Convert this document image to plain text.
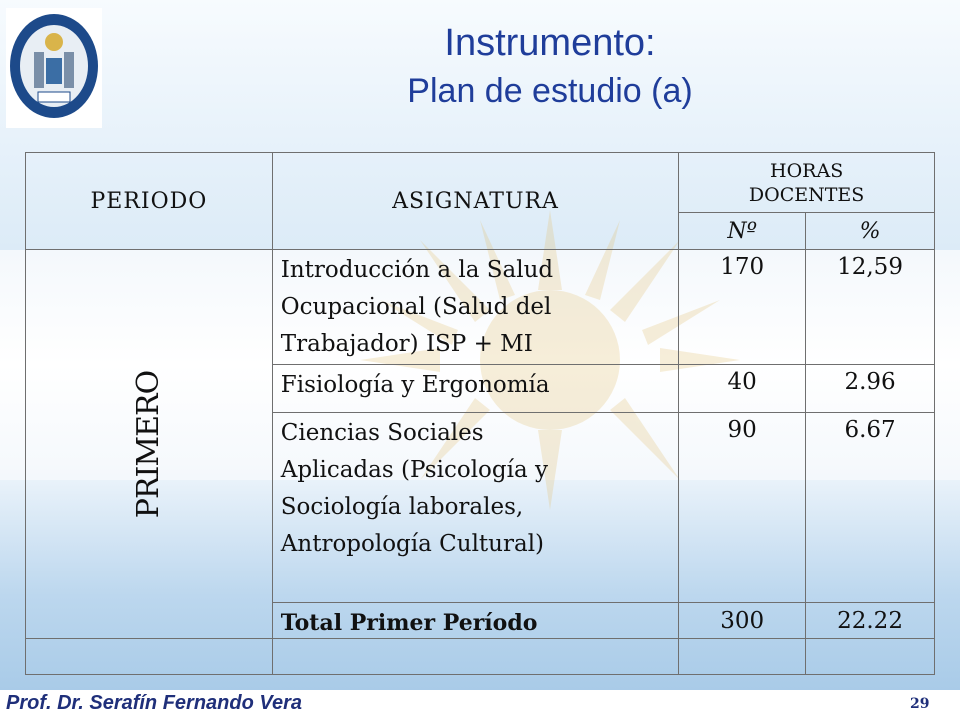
Instrumento:
Plan de estudio (a)
PERIODO	ASIGNATURA	HORAS
DOCENTES	

		Nº	%
PRIMERO	Introducción a la Salud
Ocupacional (Salud del
Trabajador) ISP + MI	170	12,59

	Fisiología y Ergonomía	40	2.96

	Ciencias Sociales
Aplicadas (Psicología y
Sociología laborales,
Antropología Cultural)	90	6.67
	Total Primer Período	300	22.22

Prof. Dr. Serafín Fernando Vera	29
